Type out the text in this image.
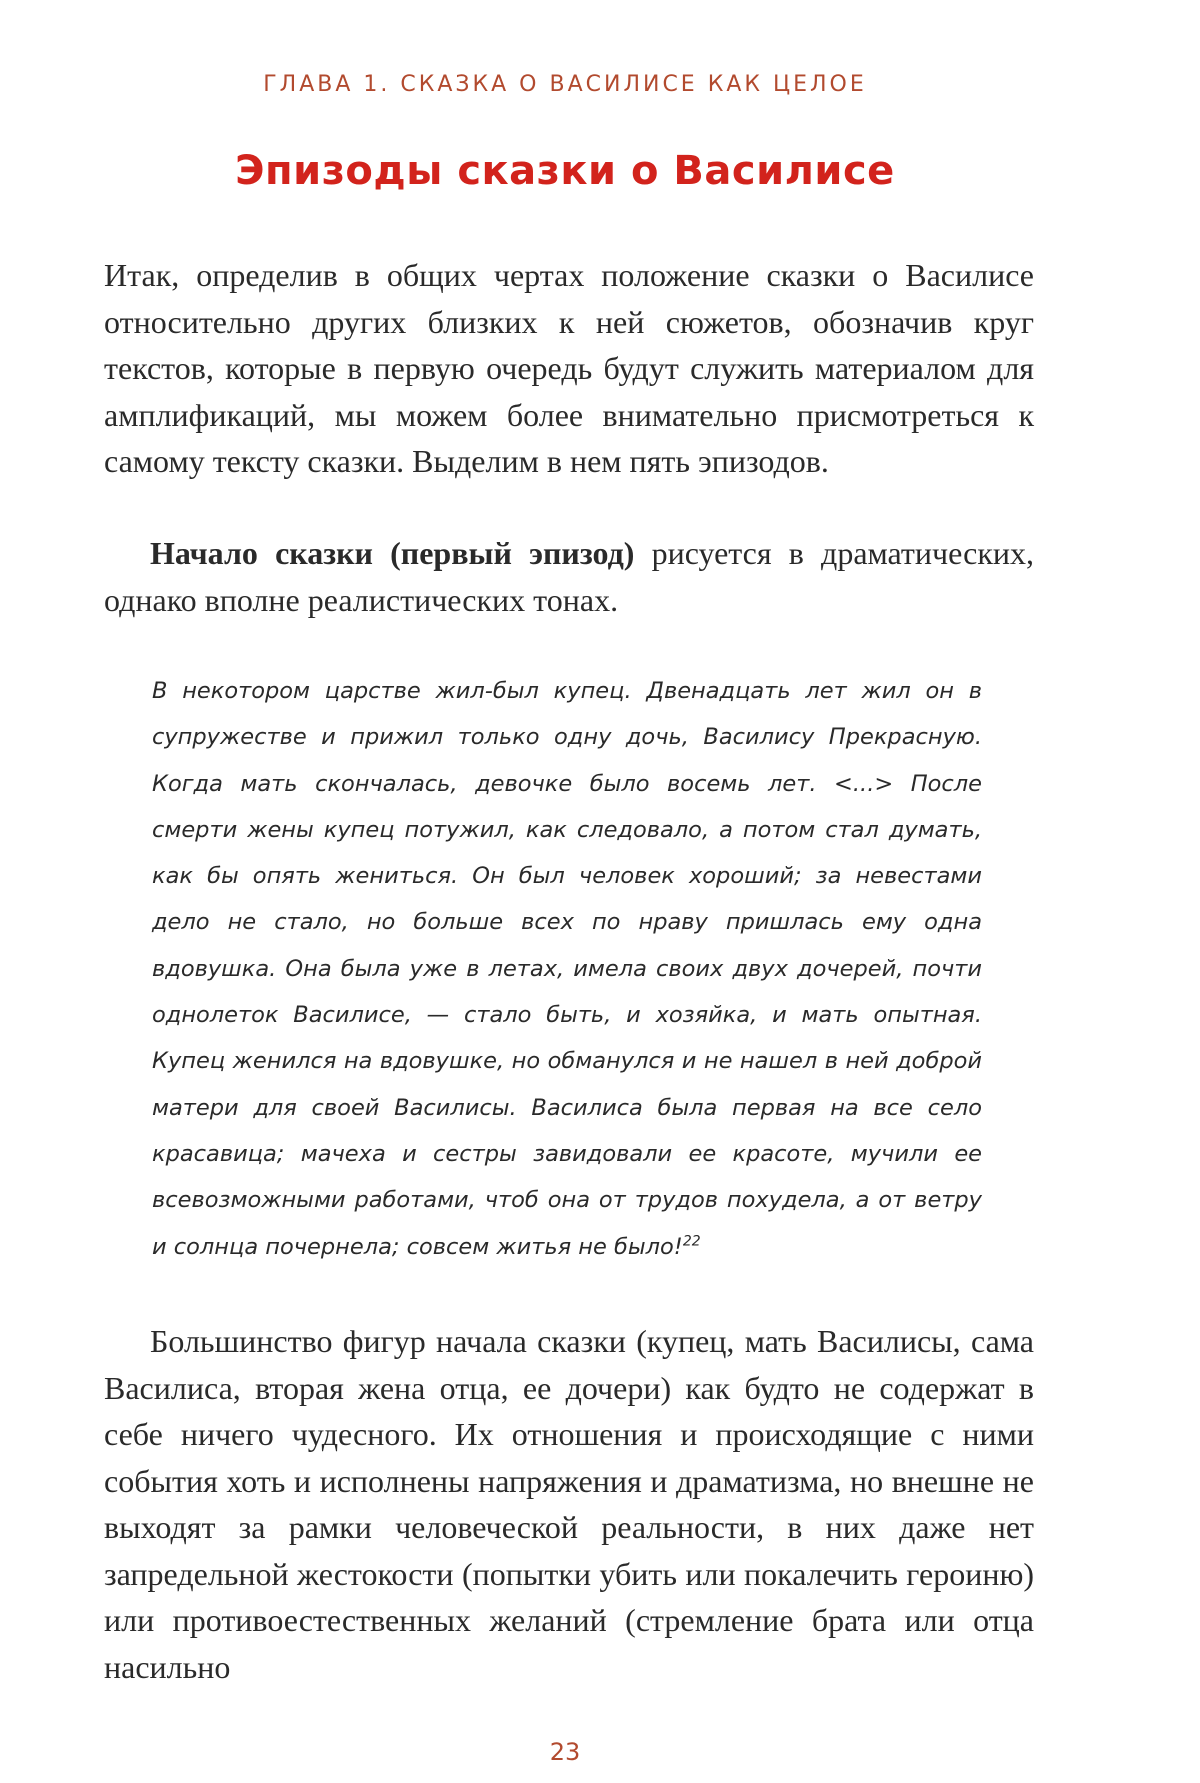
ГЛАВА 1. СКАЗКА О ВАСИЛИСЕ КАК ЦЕЛОЕ
Эпизоды сказки о Василисе

Итак, определив в общих чертах положение сказки о Василисе относительно других близких к ней сюжетов, обозначив круг текстов, которые в первую очередь будут служить материалом для амплификаций, мы можем более внимательно присмотреться к самому тексту сказки. Выделим в нем пять эпизодов.

Начало сказки (первый эпизод) рисуется в драматических, однако вполне реалистических тонах.

В некотором царстве жил-был купец. Двенадцать лет жил он в супружестве и прижил только одну дочь, Василису Прекрасную. Когда мать скончалась, девочке было восемь лет. <...> После смерти жены купец потужил, как следовало, а потом стал думать, как бы опять жениться. Он был человек хороший; за невестами дело не стало, но больше всех по нраву пришлась ему одна вдовушка. Она была уже в летах, имела своих двух дочерей, почти однолеток Василисе, — стало быть, и хозяйка, и мать опытная. Купец женился на вдовушке, но обманулся и не нашел в ней доброй матери для своей Василисы. Василиса была первая на все село красавица; мачеха и сестры завидовали ее красоте, мучили ее всевозможными работами, чтоб она от трудов похудела, а от ветру и солнца почернела; совсем житья не было!$^{22}$

Большинство фигур начала сказки (купец, мать Василисы, сама Василиса, вторая жена отца, ее дочери) как будто не содержат в себе ничего чудесного. Их отношения и происходящие с ними события хоть и исполнены напряжения и драматизма, но внешне не выходят за рамки человеческой реальности, в них даже нет запредельной жестокости (попытки убить или покалечить героиню) или противоестественных желаний (стремление брата или отца насильно

23
